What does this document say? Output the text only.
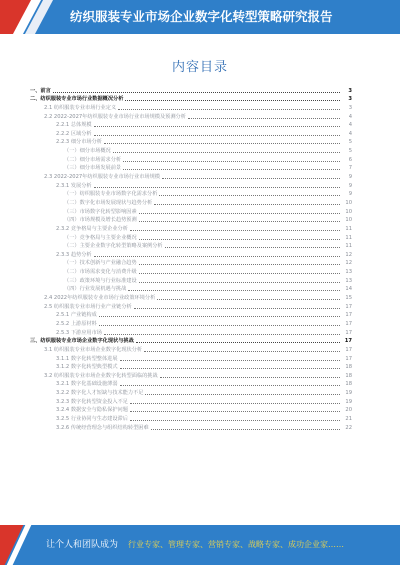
纺织服装专业市场企业数字化转型策略研究报告
内容目录
一、前言	3
二、纺织服装专业市场行业数据概况分析	3
2.1 纺织服装专业市场行业定义	3
2.2 2022-2027年纺织服装专业市场行业市场规模及预测分析	4
2.2.1 总体规模	4
2.2.2 区域分析	4
2.2.3 细分市场分析	5
（一）细分市场概况	5
（二）细分市场需求分析	6
（三）细分市场发展前景	7
2.3 2022-2027年纺织服装专业市场行业市场规模	9
2.3.1 发展分析	9
（一）纺织服装专业市场数字化需求分析	9
（二）数字化市场发展现状与趋势分析	10
（三）市场数字化转型影响因素	10
（四）市场规模及增长趋势预测	10
2.3.2 竞争格局与主要企业分析	11
（一）竞争格局与主要企业概况	11
（二）主要企业数字化转型策略及案例分析	11
2.3.3 趋势分析	12
（一）技术创新与产业融合趋势	12
（二）市场需求变化与消费升级	13
（三）政策环境与行业标准建设	13
（四）行业发展机遇与挑战	14
2.4 2022年纺织服装专业市场行业政策环境分析	15
2.5 纺织服装专业市场行业产业链分析	17
2.5.1 产业链构成	17
2.5.2 上游原材料	17
2.5.3 下游应用市场	17
三、纺织服装专业市场企业数字化现状与挑战	17
3.1 纺织服装专业市场企业数字化现状分析	17
3.1.1 数字化转型整体进展	17
3.1.2 数字化转型典型模式	18
3.2 纺织服装专业市场企业数字化转型面临的挑战	18
3.2.1 数字化基础设施薄弱	18
3.2.2 数字化人才短缺与技术能力不足	19
3.2.3 数字化转型资金投入不足	19
3.2.4 数据安全与隐私保护问题	20
3.2.5 行业协同与生态建设滞后	21
3.2.6 传统经营理念与组织结构转型困难	22
让个人和团队成为 行业专家、管理专家、营销专家、战略专家、成功企业家……
